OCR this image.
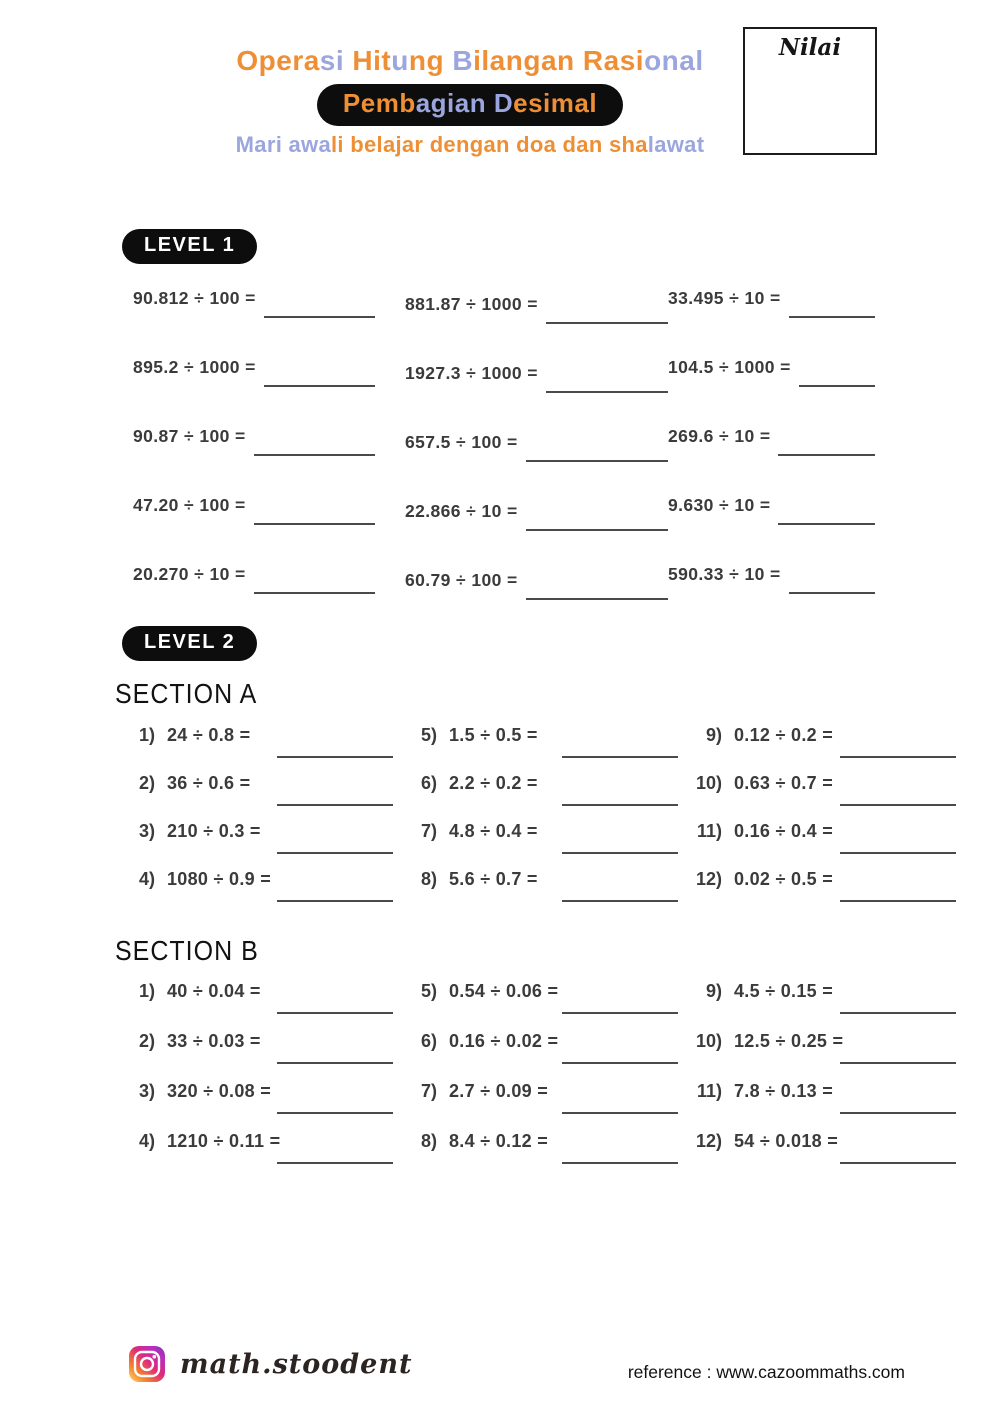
Operasi Hitung Bilangan Rasional
Pembagian Desimal
Mari awali belajar dengan doa dan shalawat
Nilai
LEVEL 1
90.812 ÷ 100 =	881.87 ÷ 1000 =	33.495 ÷ 10 =
895.2 ÷ 1000 =	1927.3 ÷ 1000 =	104.5 ÷ 1000 =
90.87 ÷ 100 =	657.5 ÷ 100 =	269.6 ÷ 10 =
47.20 ÷ 100 =	22.866 ÷ 10 =	9.630 ÷ 10 =
20.270 ÷ 10 =	60.79 ÷ 100 =	590.33 ÷ 10 =
LEVEL 2
SECTION A
1) 24 ÷ 0.8 =
2) 36 ÷ 0.6 =
3) 210 ÷ 0.3 =
4) 1080 ÷ 0.9 =
5) 1.5 ÷ 0.5 =
6) 2.2 ÷ 0.2 =
7) 4.8 ÷ 0.4 =
8) 5.6 ÷ 0.7 =
9) 0.12 ÷ 0.2 =
10) 0.63 ÷ 0.7 =
11) 0.16 ÷ 0.4 =
12) 0.02 ÷ 0.5 =
SECTION B
1) 40 ÷ 0.04 =
2) 33 ÷ 0.03 =
3) 320 ÷ 0.08 =
4) 1210 ÷ 0.11 =
5) 0.54 ÷ 0.06 =
6) 0.16 ÷ 0.02 =
7) 2.7 ÷ 0.09 =
8) 8.4 ÷ 0.12 =
9) 4.5 ÷ 0.15 =
10) 12.5 ÷ 0.25 =
11) 7.8 ÷ 0.13 =
12) 54 ÷ 0.018 =
math.stoodent	reference : www.cazoommaths.com
